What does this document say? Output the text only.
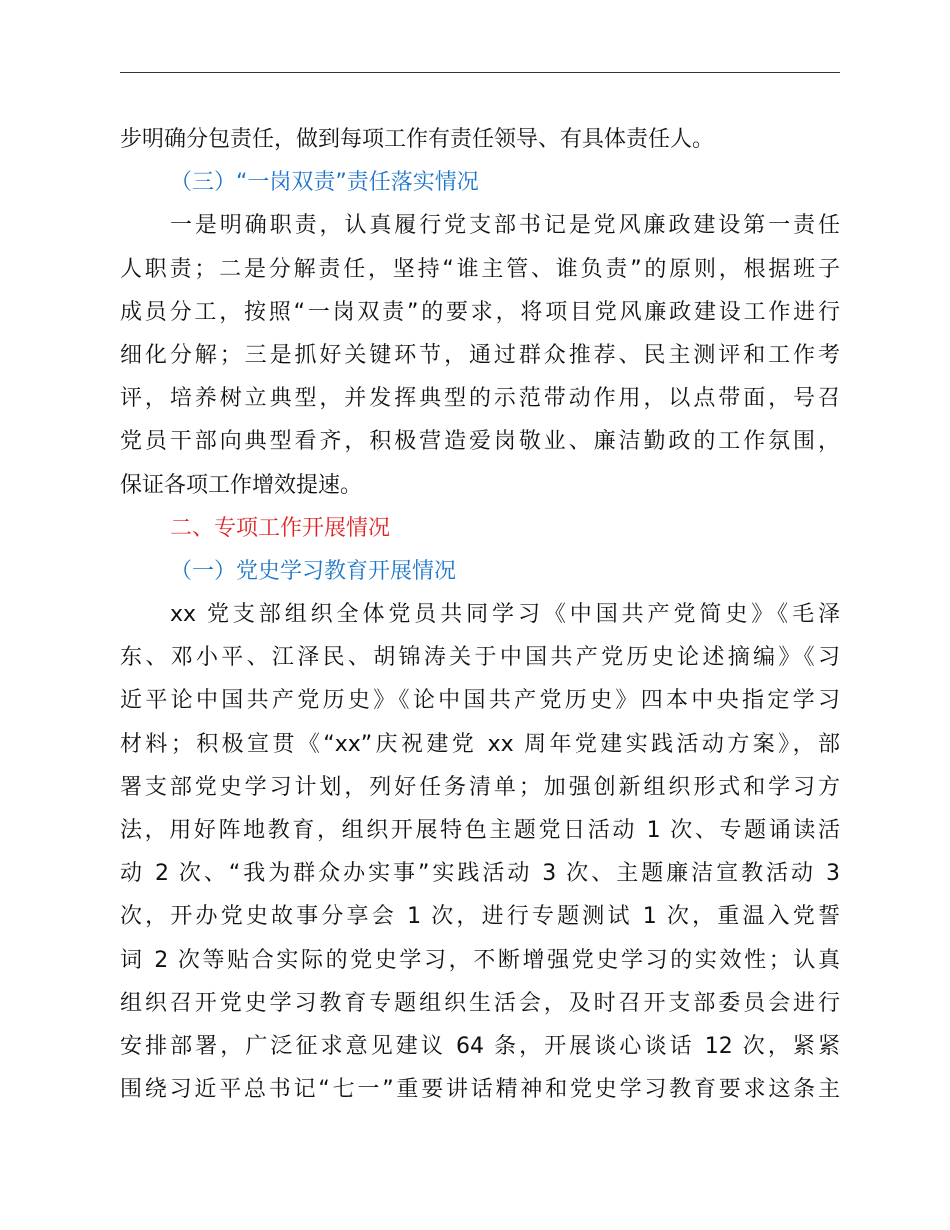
步明确分包责任，做到每项工作有责任领导、有具体责任人。
（三）“一岗双责”责任落实情况
一是明确职责，认真履行党支部书记是党风廉政建设第一责任
人职责；二是分解责任，坚持“谁主管、谁负责”的原则，根据班子
成员分工，按照“一岗双责”的要求，将项目党风廉政建设工作进行
细化分解；三是抓好关键环节，通过群众推荐、民主测评和工作考
评，培养树立典型，并发挥典型的示范带动作用，以点带面，号召
党员干部向典型看齐，积极营造爱岗敬业、廉洁勤政的工作氛围，
保证各项工作增效提速。
二、专项工作开展情况
（一）党史学习教育开展情况
xx 党支部组织全体党员共同学习《中国共产党简史》《毛泽
东、邓小平、江泽民、胡锦涛关于中国共产党历史论述摘编》《习
近平论中国共产党历史》《论中国共产党历史》四本中央指定学习
材料；积极宣贯《“xx”庆祝建党 xx 周年党建实践活动方案》，部
署支部党史学习计划，列好任务清单；加强创新组织形式和学习方
法，用好阵地教育，组织开展特色主题党日活动 1 次、专题诵读活
动 2 次、“我为群众办实事”实践活动 3 次、主题廉洁宣教活动 3
次，开办党史故事分享会 1 次，进行专题测试 1 次，重温入党誓
词 2 次等贴合实际的党史学习，不断增强党史学习的实效性；认真
组织召开党史学习教育专题组织生活会，及时召开支部委员会进行
安排部署，广泛征求意见建议 64 条，开展谈心谈话 12 次，紧紧
围绕习近平总书记“七一”重要讲话精神和党史学习教育要求这条主
